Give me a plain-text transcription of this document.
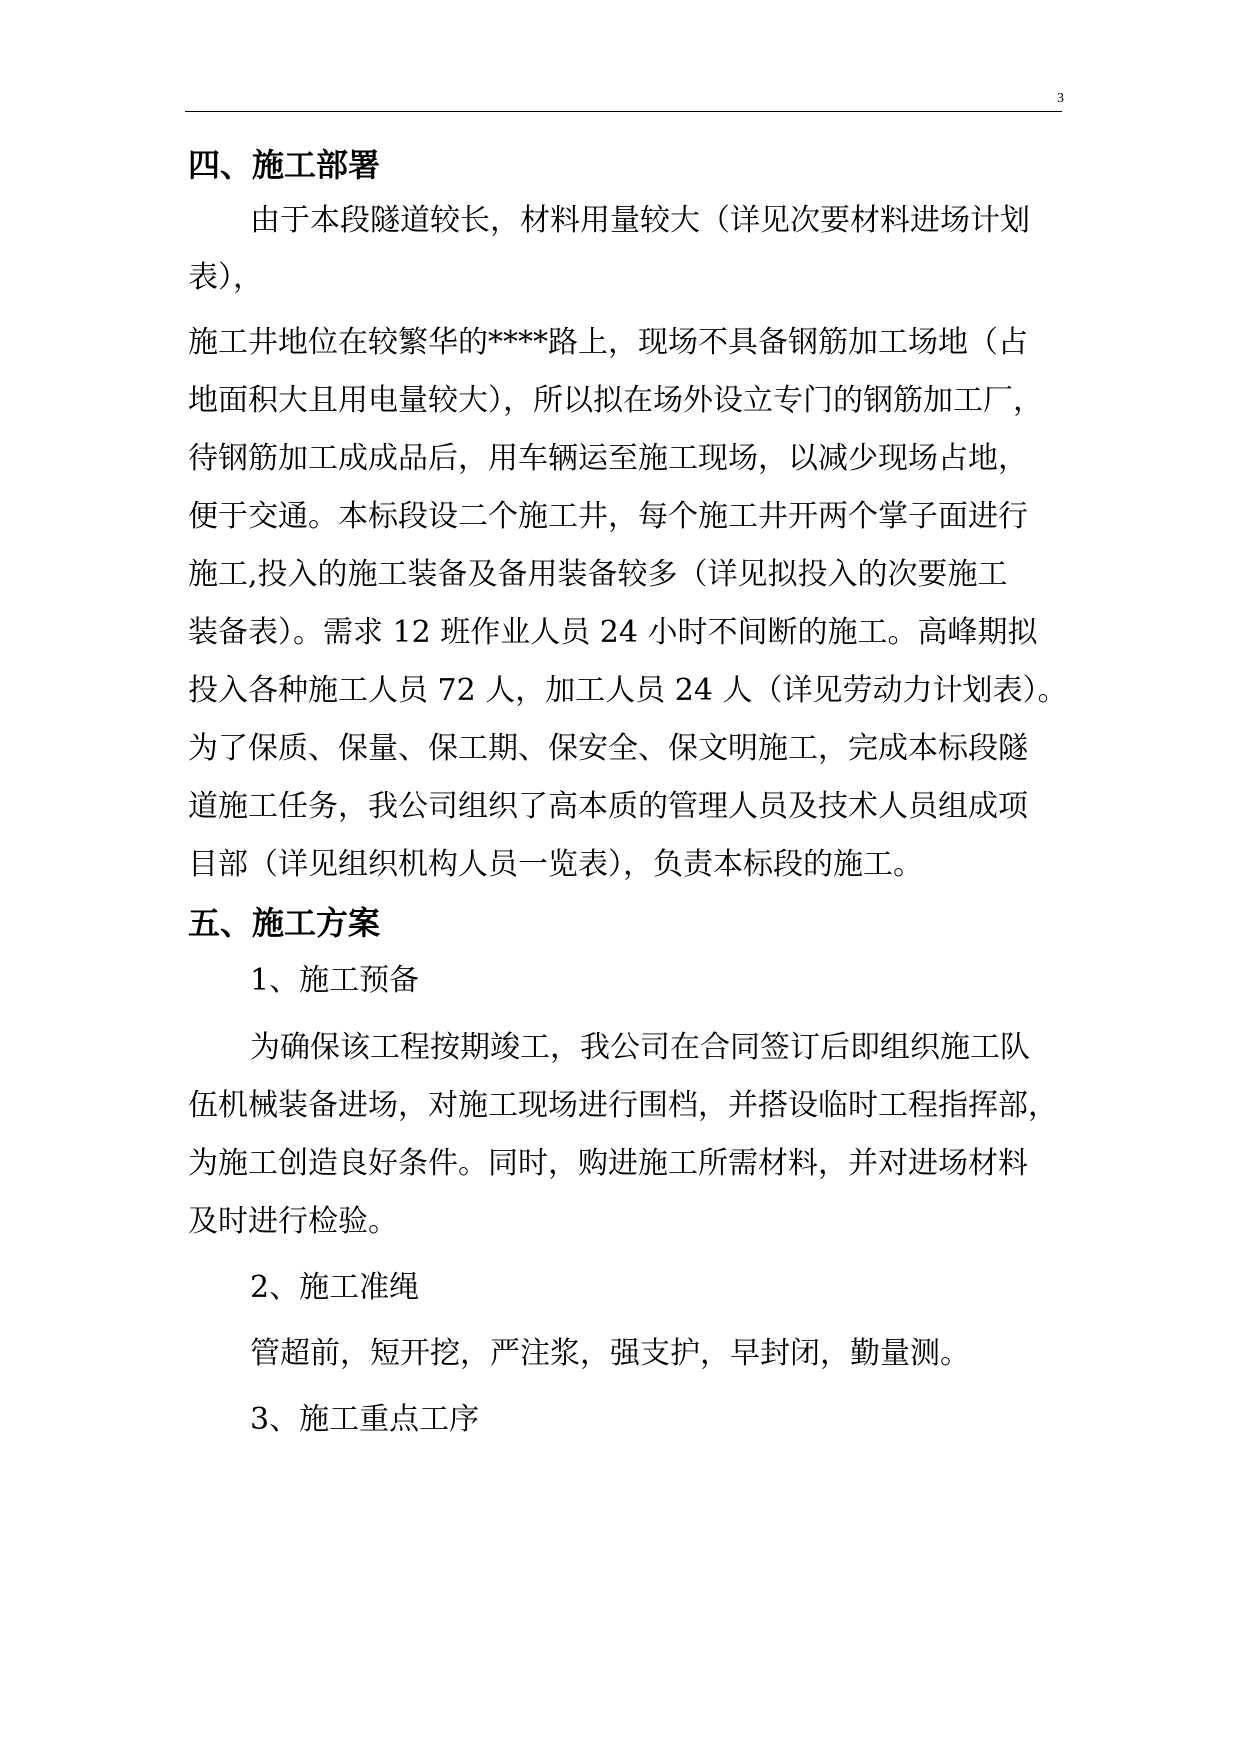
3
四、施工部署
由于本段隧道较长，材料用量较大（详见次要材料进场计划
表），
施工井地位在较繁华的****路上，现场不具备钢筋加工场地（占
地面积大且用电量较大），所以拟在场外设立专门的钢筋加工厂，
待钢筋加工成成品后，用车辆运至施工现场，以减少现场占地，
便于交通。本标段设二个施工井，每个施工井开两个掌子面进行
施工,投入的施工装备及备用装备较多（详见拟投入的次要施工
装备表）。需求 12 班作业人员 24 小时不间断的施工。高峰期拟
投入各种施工人员 72 人，加工人员 24 人（详见劳动力计划表）。
为了保质、保量、保工期、保安全、保文明施工，完成本标段隧
道施工任务，我公司组织了高本质的管理人员及技术人员组成项
目部（详见组织机构人员一览表），负责本标段的施工。
五、施工方案
1、施工预备
为确保该工程按期竣工，我公司在合同签订后即组织施工队
伍机械装备进场，对施工现场进行围档，并搭设临时工程指挥部，
为施工创造良好条件。同时，购进施工所需材料，并对进场材料
及时进行检验。
2、施工准绳
管超前，短开挖，严注浆，强支护，早封闭，勤量测。
3、施工重点工序
